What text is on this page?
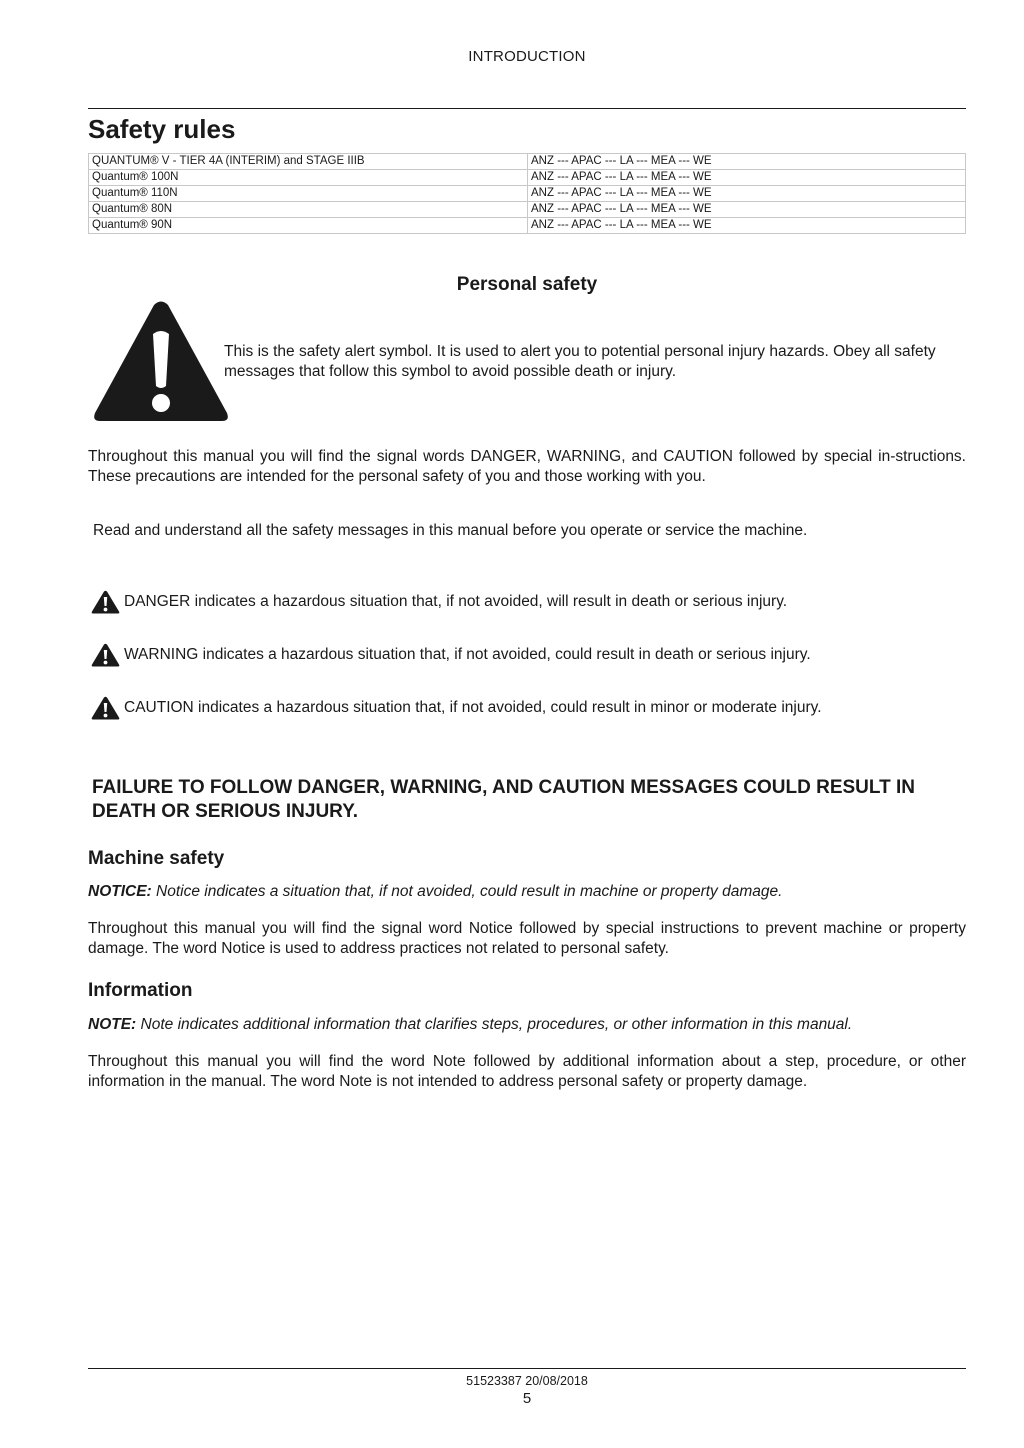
INTRODUCTION
Safety rules
QUANTUM® V - TIER 4A (INTERIM) and STAGE IIIB	ANZ --- APAC --- LA --- MEA --- WE
Quantum® 100N	ANZ --- APAC --- LA --- MEA --- WE
Quantum® 110N	ANZ --- APAC --- LA --- MEA --- WE
Quantum® 80N	ANZ --- APAC --- LA --- MEA --- WE
Quantum® 90N	ANZ --- APAC --- LA --- MEA --- WE
Personal safety
This is the safety alert symbol. It is used to alert you to potential personal injury hazards. Obey all safety messages that follow this symbol to avoid possible death or injury.
Throughout this manual you will find the signal words DANGER, WARNING, and CAUTION followed by special in-structions. These precautions are intended for the personal safety of you and those working with you.
Read and understand all the safety messages in this manual before you operate or service the machine.
DANGER indicates a hazardous situation that, if not avoided, will result in death or serious injury.
WARNING indicates a hazardous situation that, if not avoided, could result in death or serious injury.
CAUTION indicates a hazardous situation that, if not avoided, could result in minor or moderate injury.
FAILURE TO FOLLOW DANGER, WARNING, AND CAUTION MESSAGES COULD RESULT IN DEATH OR SERIOUS INJURY.
Machine safety
NOTICE: Notice indicates a situation that, if not avoided, could result in machine or property damage.
Throughout this manual you will find the signal word Notice followed by special instructions to prevent machine or property damage. The word Notice is used to address practices not related to personal safety.
Information
NOTE: Note indicates additional information that clarifies steps, procedures, or other information in this manual.
Throughout this manual you will find the word Note followed by additional information about a step, procedure, or other information in the manual. The word Note is not intended to address personal safety or property damage.
51523387 20/08/2018
5
